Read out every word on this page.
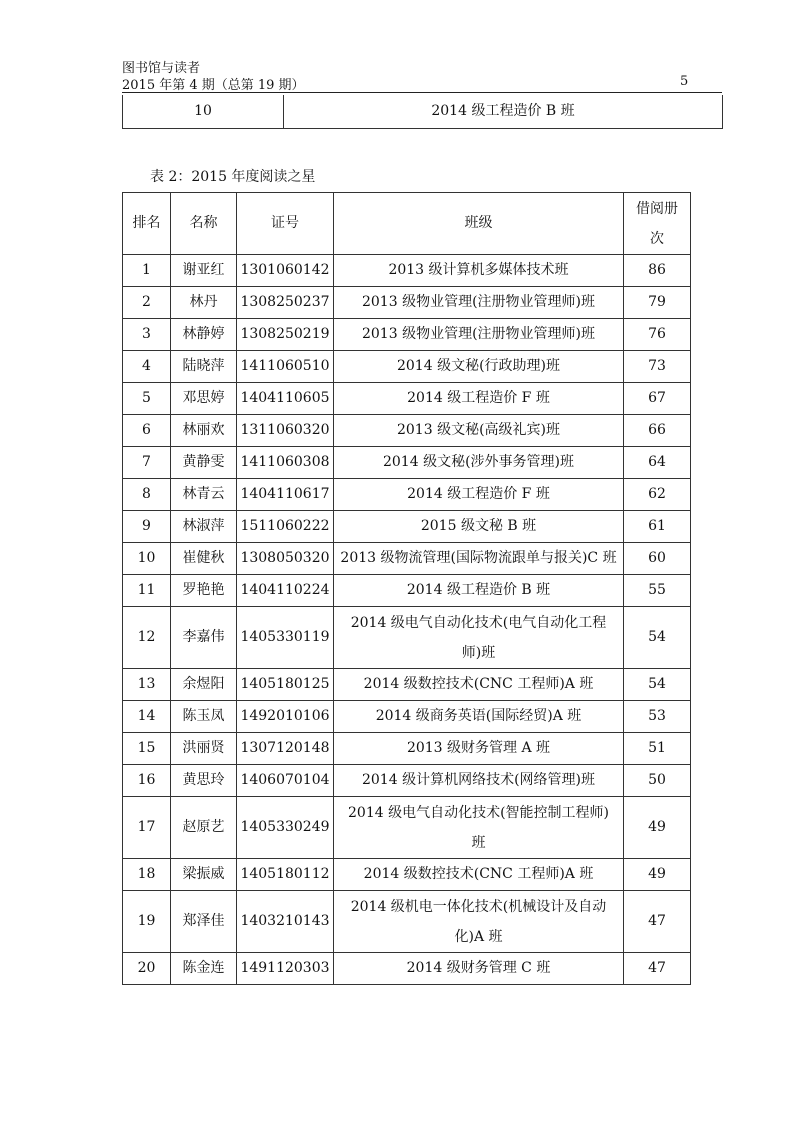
图书馆与读者
2015 年第 4 期（总第 19 期）	5
10	2014 级工程造价 B 班
表 2：2015 年度阅读之星
排名	名称	证号	班级	借阅册次
1	谢亚红	1301060142	2013 级计算机多媒体技术班	86
2	林丹	1308250237	2013 级物业管理(注册物业管理师)班	79
3	林静婷	1308250219	2013 级物业管理(注册物业管理师)班	76
4	陆晓萍	1411060510	2014 级文秘(行政助理)班	73
5	邓思婷	1404110605	2014 级工程造价 F 班	67
6	林丽欢	1311060320	2013 级文秘(高级礼宾)班	66
7	黄静雯	1411060308	2014 级文秘(涉外事务管理)班	64
8	林青云	1404110617	2014 级工程造价 F 班	62
9	林淑萍	1511060222	2015 级文秘 B 班	61
10	崔健秋	1308050320	2013 级物流管理(国际物流跟单与报关)C 班	60
11	罗艳艳	1404110224	2014 级工程造价 B 班	55
12	李嘉伟	1405330119	2014 级电气自动化技术(电气自动化工程师)班	54
13	余煜阳	1405180125	2014 级数控技术(CNC 工程师)A 班	54
14	陈玉凤	1492010106	2014 级商务英语(国际经贸)A 班	53
15	洪丽贤	1307120148	2013 级财务管理 A 班	51
16	黄思玲	1406070104	2014 级计算机网络技术(网络管理)班	50
17	赵原艺	1405330249	2014 级电气自动化技术(智能控制工程师)班	49
18	梁振威	1405180112	2014 级数控技术(CNC 工程师)A 班	49
19	郑泽佳	1403210143	2014 级机电一体化技术(机械设计及自动化)A 班	47
20	陈金连	1491120303	2014 级财务管理 C 班	47
